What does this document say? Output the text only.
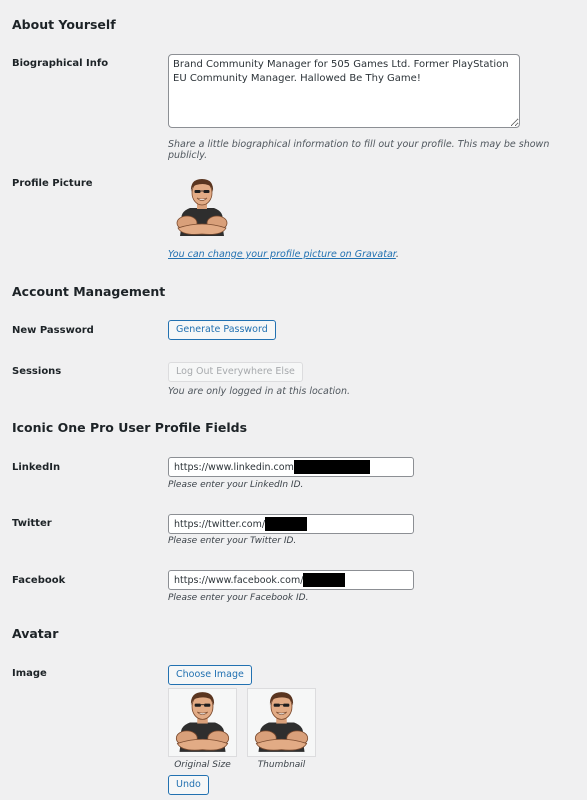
About Yourself
Biographical Info
Brand Community Manager for 505 Games Ltd. Former PlayStation EU Community Manager. Hallowed Be Thy Game!
Share a little biographical information to fill out your profile. This may be shown publicly.
Profile Picture
You can change your profile picture on Gravatar.
Account Management
New Password	Generate Password
Sessions	Log Out Everywhere Else
You are only logged in at this location.
Iconic One Pro User Profile Fields
LinkedIn	https://www.linkedin.com
Please enter your LinkedIn ID.
Twitter	https://twitter.com/
Please enter your Twitter ID.
Facebook	https://www.facebook.com/
Please enter your Facebook ID.
Avatar
Image	Choose Image
Original Size	Thumbnail
Undo
